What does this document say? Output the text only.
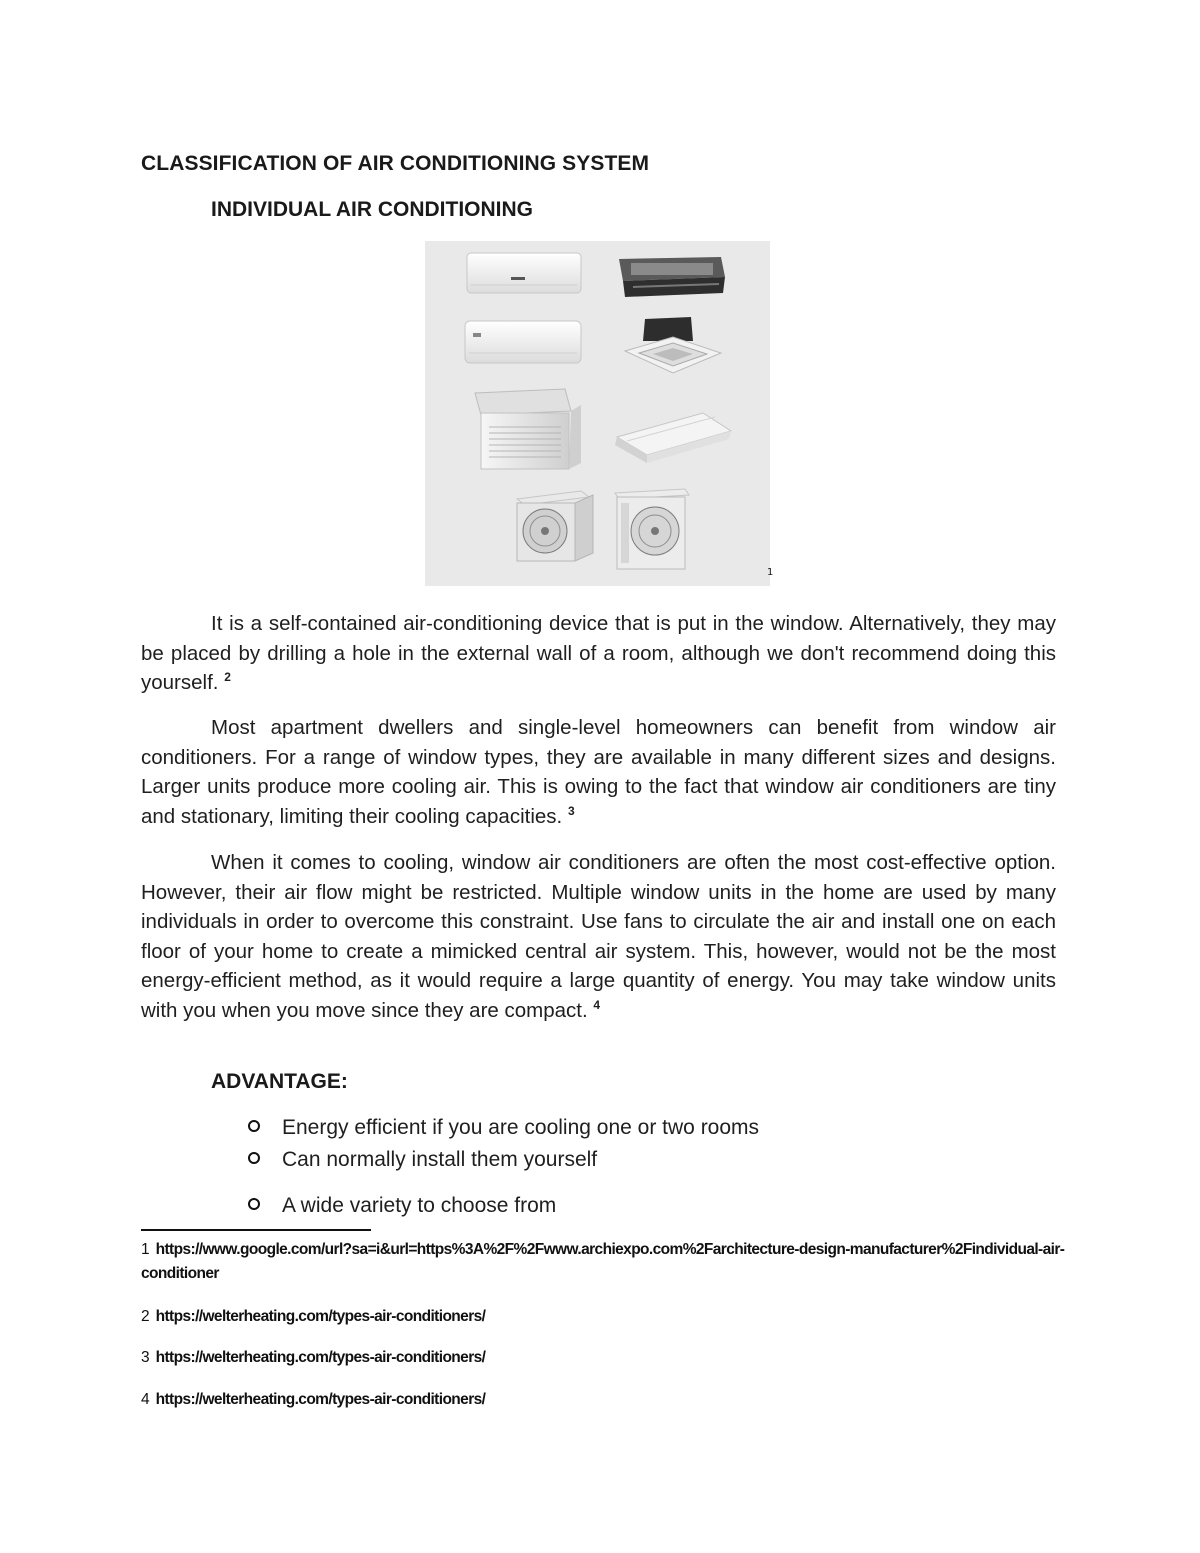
CLASSIFICATION OF AIR CONDITIONING SYSTEM
INDIVIDUAL AIR CONDITIONING
1

It is a self-contained air-conditioning device that is put in the window. Alternatively, they may be placed by drilling a hole in the external wall of a room, although we don't recommend doing this yourself. $^2$

Most apartment dwellers and single-level homeowners can benefit from window air conditioners. For a range of window types, they are available in many different sizes and designs. Larger units produce more cooling air. This is owing to the fact that window air conditioners are tiny and stationary, limiting their cooling capacities. $^3$

When it comes to cooling, window air conditioners are often the most cost-effective option. However, their air flow might be restricted. Multiple window units in the home are used by many individuals in order to overcome this constraint. Use fans to circulate the air and install one on each floor of your home to create a mimicked central air system. This, however, would not be the most energy-efficient method, as it would require a large quantity of energy. You may take window units with you when you move since they are compact. $^4$

ADVANTAGE:
Energy efficient if you are cooling one or two rooms
Can normally install them yourself
A wide variety to choose from
1 https://www.google.com/url?sa=i&url=https%3A%2F%2Fwww.archiexpo.com%2Farchitecture-design-manufacturer%2Findividual-air-conditioner
2 https://welterheating.com/types-air-conditioners/
3 https://welterheating.com/types-air-conditioners/
4 https://welterheating.com/types-air-conditioners/
